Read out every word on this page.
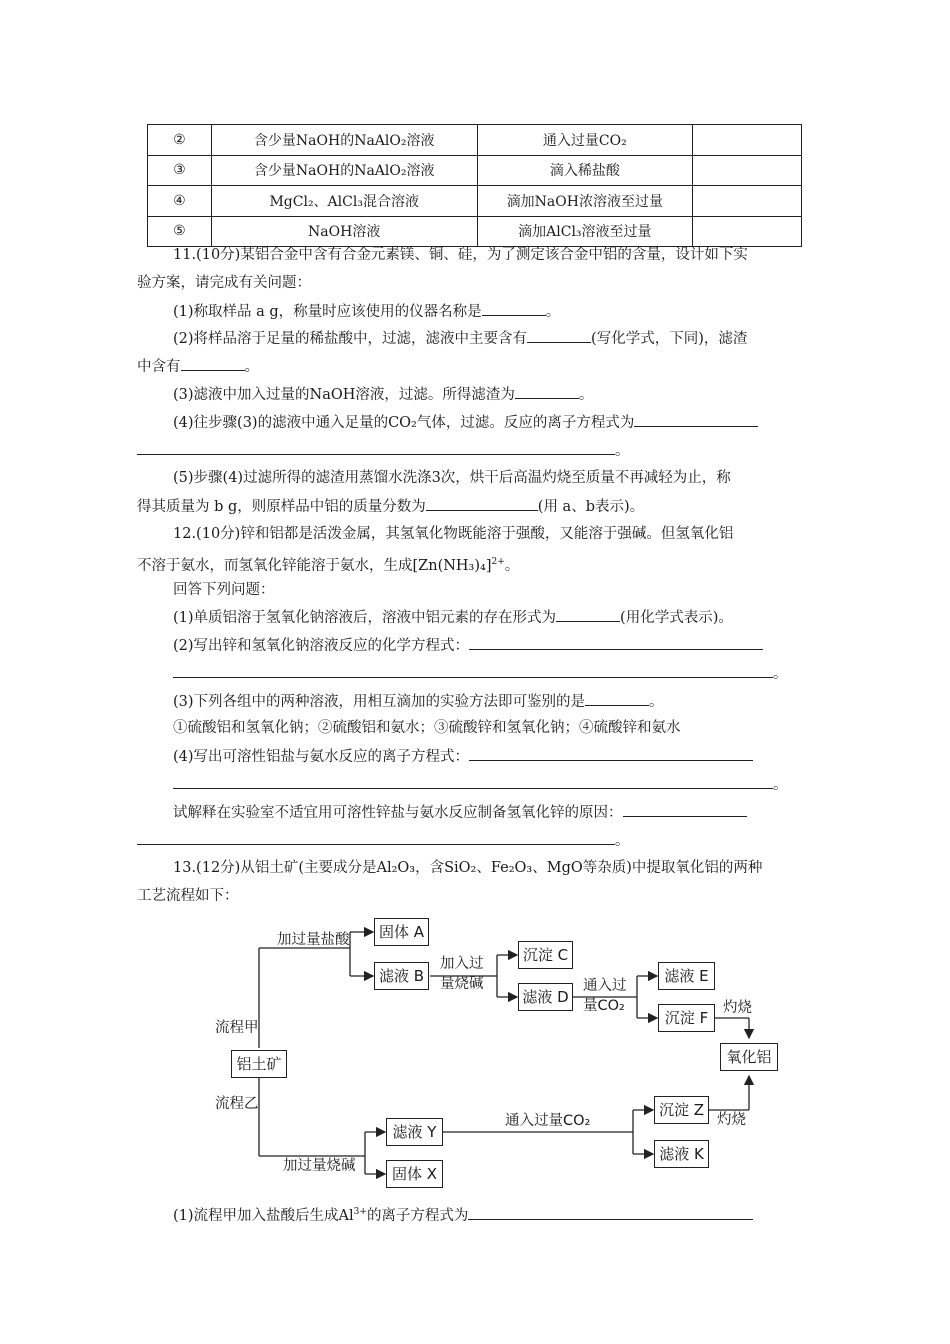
②	含少量NaOH的NaAlO₂溶液	通入过量CO₂	
③	含少量NaOH的NaAlO₂溶液	滴入稀盐酸	
④	MgCl₂、AlCl₃混合溶液	滴加NaOH浓溶液至过量	
⑤	NaOH溶液	滴加AlCl₃溶液至过量	
11.(10分)某铝合金中含有合金元素镁、铜、硅，为了测定该合金中铝的含量，设计如下实
验方案，请完成有关问题：
(1)称取样品 a g，称量时应该使用的仪器名称是	。
(2)将样品溶于足量的稀盐酸中，过滤，滤液中主要含有	(写化学式，下同)，滤渣
中含有	。
(3)滤液中加入过量的NaOH溶液，过滤。所得滤渣为	。
(4)往步骤(3)的滤液中通入足量的CO₂气体，过滤。反应的离子方程式为
。
(5)步骤(4)过滤所得的滤渣用蒸馏水洗涤3次，烘干后高温灼烧至质量不再减轻为止，称
得其质量为 b g，则原样品中铝的质量分数为	(用 a、b表示)。
12.(10分)锌和铝都是活泼金属，其氢氧化物既能溶于强酸，又能溶于强碱。但氢氧化铝
不溶于氨水，而氢氧化锌能溶于氨水，生成$[Zn(NH_3)_4]^{2+}$。
回答下列问题：
(1)单质铝溶于氢氧化钠溶液后，溶液中铝元素的存在形式为	(用化学式表示)。
(2)写出锌和氢氧化钠溶液反应的化学方程式：
。
(3)下列各组中的两种溶液，用相互滴加的实验方法即可鉴别的是	。
①硫酸铝和氢氧化钠；②硫酸铝和氨水；③硫酸锌和氢氧化钠；④硫酸锌和氨水
(4)写出可溶性铝盐与氨水反应的离子方程式：
。
试解释在实验室不适宜用可溶性锌盐与氨水反应制备氢氧化锌的原因：
。
13.(12分)从铝土矿(主要成分是Al₂O₃，含SiO₂、Fe₂O₃、MgO等杂质)中提取氧化铝的两种
工艺流程如下：
加过量盐酸	固体 A
滤液 B
加入过
量烧碱
沉淀 C
滤液 D
通入过
量CO₂
滤液 E
沉淀 F
灼烧
氧化铝
流程甲
铝土矿
流程乙
加过量烧碱
滤液 Y
固体 X
通入过量CO₂
沉淀 Z
灼烧
滤液 K
(1)流程甲加入盐酸后生成$Al^{3+}$的离子方程式为
